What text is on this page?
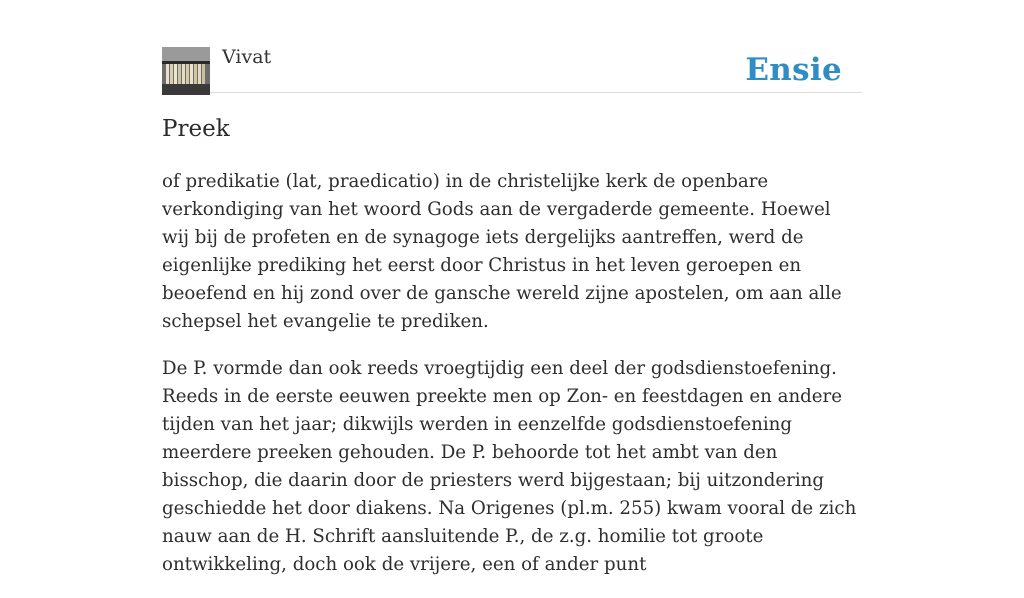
Vivat	Ensie
Preek

of predikatie (lat, praedicatio) in de christelijke kerk de openbare verkondiging van het woord Gods aan de vergaderde gemeente. Hoewel wij bij de profeten en de synagoge iets dergelijks aantreffen, werd de eigenlijke prediking het eerst door Christus in het leven geroepen en beoefend en hij zond over de gansche wereld zijne apostelen, om aan alle schepsel het evangelie te prediken.

De P. vormde dan ook reeds vroegtijdig een deel der godsdienstoefening. Reeds in de eerste eeuwen preekte men op Zon- en feestdagen en andere tijden van het jaar; dikwijls werden in eenzelfde godsdienstoefening meerdere preeken gehouden. De P. behoorde tot het ambt van den bisschop, die daarin door de priesters werd bijgestaan; bij uitzondering geschiedde het door diakens. Na Origenes (pl.m. 255) kwam vooral de zich nauw aan de H. Schrift aansluitende P., de z.g. homilie tot groote ontwikkeling, doch ook de vrijere, een of ander punt
